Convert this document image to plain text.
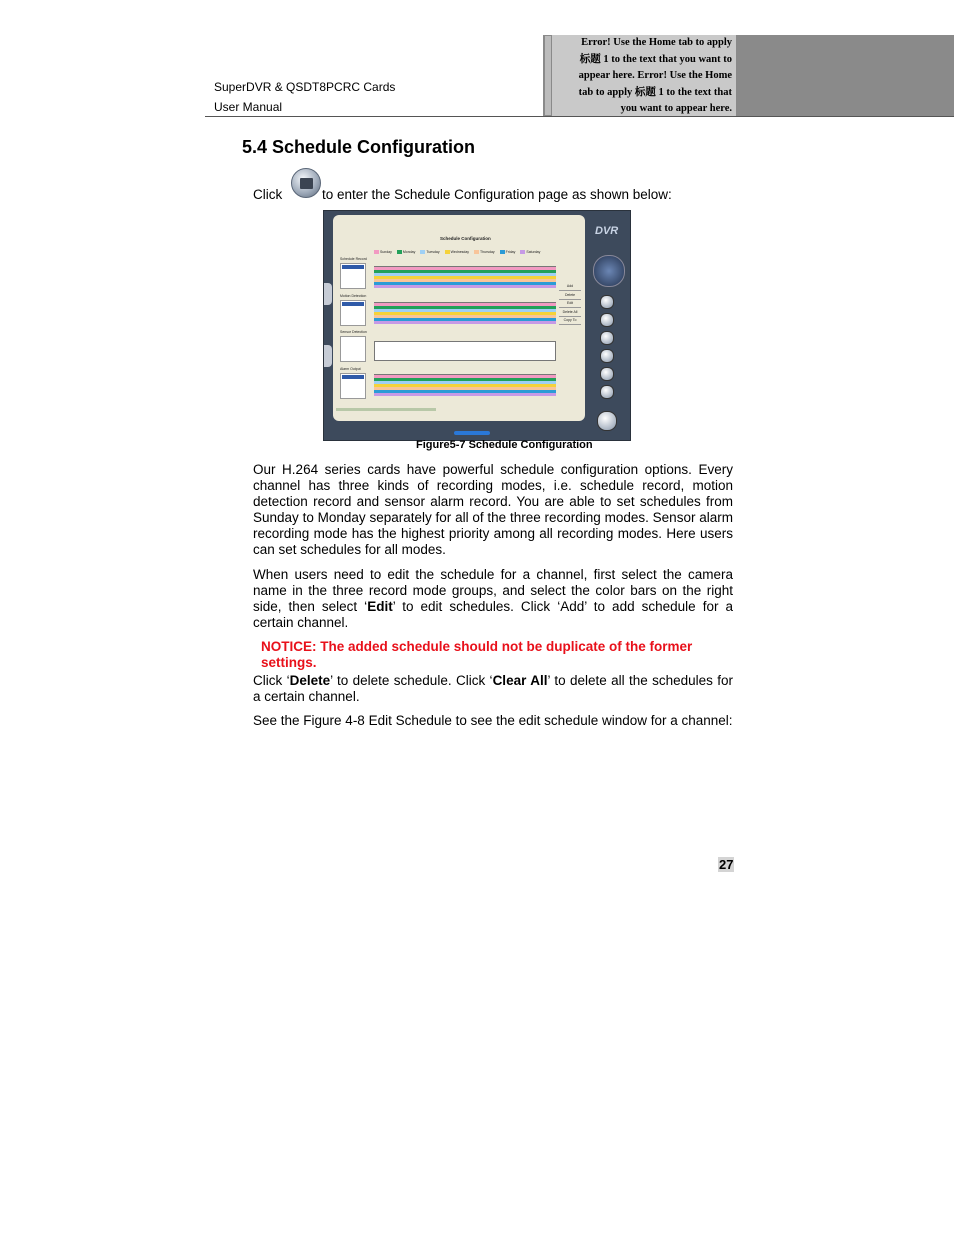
SuperDVR & QSDT8PCRC Cards
User Manual
Error! Use the Home tab to apply
标题 1 to the text that you want to
appear here. Error! Use the Home
tab to apply 标题 1 to the text that
you want to appear here.
5.4 Schedule Configuration
Click	to enter the Schedule Configuration page as shown below:
Schedule Configuration
Sunday	Monday	Tuesday	Wednesday	Thursday	Friday	Saturday
Schedule Record
Motion Detection
Sensor Detection
Alarm Output
Add
Delete
Edit
Delete All
Copy To
DVR
Figure5-7 Schedule Configuration
Our H.264 series cards have powerful schedule configuration options. Every channel has three kinds of recording modes, i.e. schedule record, motion detection record and sensor alarm record. You are able to set schedules from Sunday to Monday separately for all of the three recording modes. Sensor alarm recording mode has the highest priority among all recording modes. Here users can set schedules for all modes.
When users need to edit the schedule for a channel, first select the camera name in the three record mode groups, and select the color bars on the right side, then select ‘Edit’ to edit schedules. Click ‘Add’ to add schedule for a certain channel.
NOTICE: The added schedule should not be duplicate of the former settings.
Click ‘Delete’ to delete schedule. Click ‘Clear All’ to delete all the schedules for a certain channel.
See the Figure 4-8 Edit Schedule to see the edit schedule window for a channel:
27
